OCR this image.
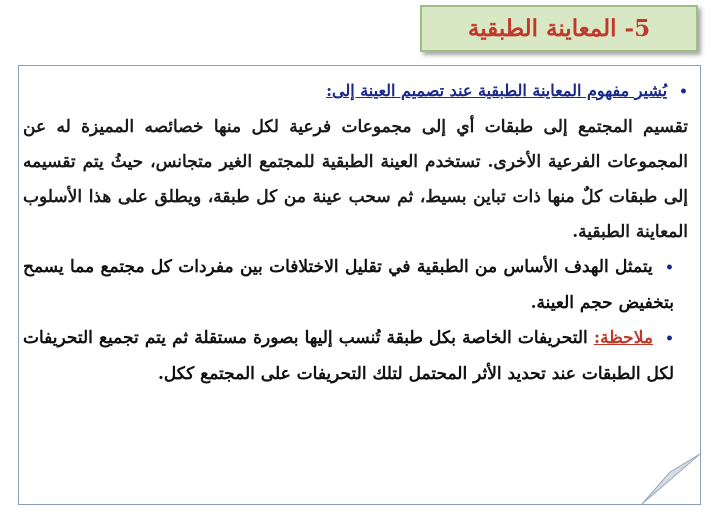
5- المعاينة الطبقية

• يُشير مفهوم المعاينة الطبقية عند تصميم العينة إلى:

تقسيم المجتمع إلى طبقات أي إلى مجموعات فرعية لكل منها خصائصه المميزة له عن المجموعات الفرعية الأخرى. تستخدم العينة الطبقية للمجتمع الغير متجانس، حيثُ يتم تقسيمه إلى طبقات كلٌ منها ذات تباين بسيط، ثم سحب عينة من كل طبقة، ويطلق على هذا الأسلوب المعاينة الطبقية.

• يتمثل الهدف الأساس من الطبقية في تقليل الاختلافات بين مفردات كل مجتمع مما يسمح بتخفيض حجم العينة.

• ملاحظة: التحريفات الخاصة بكل طبقة تُنسب إليها بصورة مستقلة ثم يتم تجميع التحريفات لكل الطبقات عند تحديد الأثر المحتمل لتلك التحريفات على المجتمع ككل.
